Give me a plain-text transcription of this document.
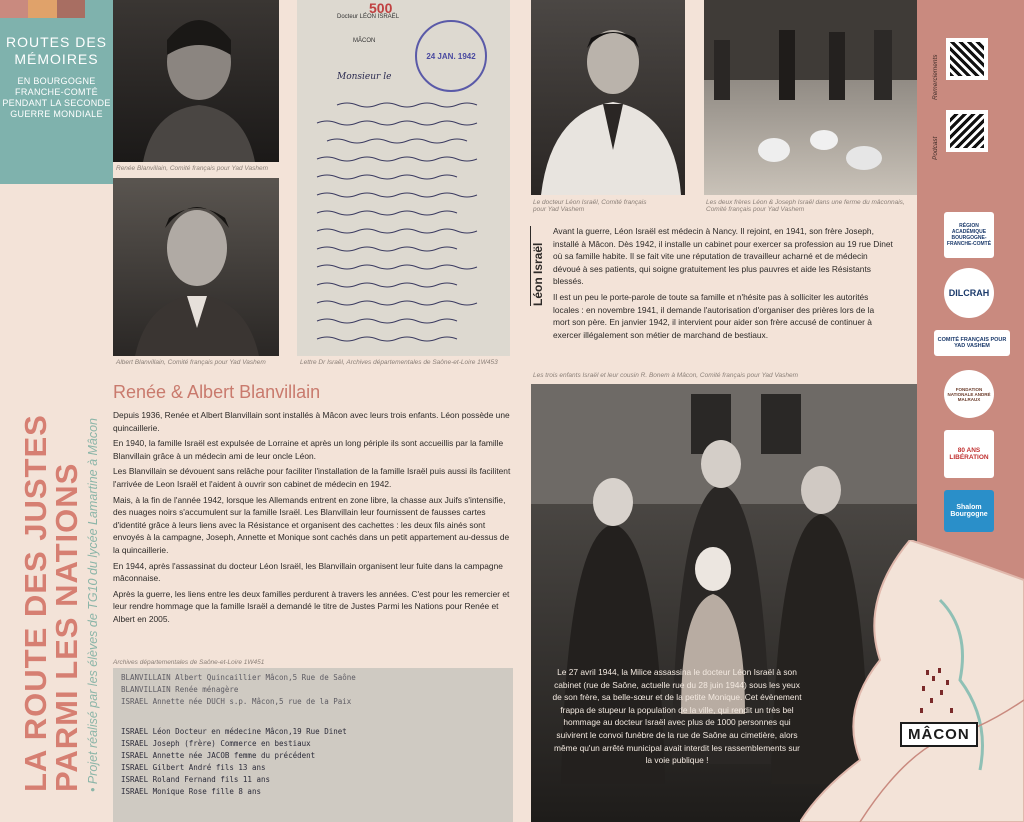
ROUTES DES MÉMOIRES
EN BOURGOGNE FRANCHE-COMTÉ PENDANT LA SECONDE GUERRE MONDIALE
LA ROUTE DES JUSTES
PARMI LES NATIONS • Projet réalisé par les élèves de TG10 du lycée Lamartine à Mâcon
Renée Blanvillain, Comité français pour Yad Vashem
Albert Blanvillain, Comité français pour Yad Vashem
500
Docteur LÉON ISRAËL
MÂCON
24 JAN. 1942
Monsieur le
Lettre Dr Israël, Archives départementales de Saône-et-Loire 1W453
Le docteur Léon Israël, Comité français pour Yad Vashem
Les deux frères Léon & Joseph Israël dans une ferme du mâconnais, Comité français pour Yad Vashem
Renée & Albert Blanvillain

Depuis 1936, Renée et Albert Blanvillain sont installés à Mâcon avec leurs trois enfants. Léon possède une quincaillerie.

En 1940, la famille Israël est expulsée de Lorraine et après un long périple ils sont accueillis par la famille Blanvillain grâce à un médecin ami de leur oncle Léon.

Les Blanvillain se dévouent sans relâche pour faciliter l'installation de la famille Israël puis aussi ils facilitent l'arrivée de Leon Israël et l'aident à ouvrir son cabinet de médecin en 1942.

Mais, à la fin de l'année 1942, lorsque les Allemands entrent en zone libre, la chasse aux Juifs s'intensifie, des nuages noirs s'accumulent sur la famille Israël. Les Blanvillain leur fournissent de fausses cartes d'identité grâce à leurs liens avec la Résistance et organisent des cachettes : les deux fils ainés sont envoyés à la campagne, Joseph, Annette et Monique sont cachés dans un petit appartement au-dessus de la quincaillerie.

En 1944, après l'assassinat du docteur Léon Israël, les Blanvillain organisent leur fuite dans la campagne mâconnaise.

Après la guerre, les liens entre les deux familles perdurent à travers les années. C'est pour les remercier et leur rendre hommage que la famille Israël a demandé le titre de Justes Parmi les Nations pour Renée et Albert en 2005.

Archives départementales de Saône-et-Loire 1W451
BLANVILLAIN Albert Quincaillier Mâcon,5 Rue de Saône
BLANVILLAIN Renée ménagère
ISRAEL Annette née DUCH s.p. Mâcon,5 rue de la Paix
ISRAEL Léon Docteur en médecine Mâcon,19 Rue Dinet
ISRAEL Joseph (frère) Commerce en bestiaux
ISRAEL Annette née JACOB femme du précédent
ISRAEL Gilbert André fils 13 ans
ISRAEL Roland Fernand fils 11 ans
ISRAEL Monique Rose fille 8 ans
Léon Israël

Avant la guerre, Léon Israël est médecin à Nancy. Il rejoint, en 1941, son frère Joseph, installé à Mâcon. Dès 1942, il installe un cabinet pour exercer sa profession au 19 rue Dinet où sa famille habite. Il se fait vite une réputation de travailleur acharné et de médecin dévoué à ses patients, qui soigne gratuitement les plus pauvres et aide les Résistants blessés.

Il est un peu le porte-parole de toute sa famille et n'hésite pas à solliciter les autorités locales : en novembre 1941, il demande l'autorisation d'organiser des prières lors de la mort son père. En janvier 1942, il intervient pour aider son frère accusé de continuer à exercer illégalement son métier de marchand de bestiaux.

Les trois enfants Israël et leur cousin R. Bonem à Mâcon, Comité français pour Yad Vashem
Le 27 avril 1944, la Milice assassina le docteur Léon Israël à son cabinet (rue de Saône, actuelle rue du 28 juin 1944) sous les yeux de son frère, sa belle-sœur et de la petite Monique. Cet évènement frappa de stupeur la population de la ville, qui rendit un très bel hommage au docteur Israël avec plus de 1000 personnes qui suivirent le convoi funèbre de la rue de Saône au cimetière, alors même qu'un arrêté municipal avait interdit les rassemblements sur la voie publique !
Remerciements
Podcast
RÉGION ACADÉMIQUE BOURGOGNE-FRANCHE-COMTÉ
DILCRAH
COMITÉ FRANÇAIS POUR YAD VASHEM
FONDATION NATIONALE ANDRÉ MALRAUX
80 ANS LIBÉRATION
Shalom Bourgogne
MÂCON
